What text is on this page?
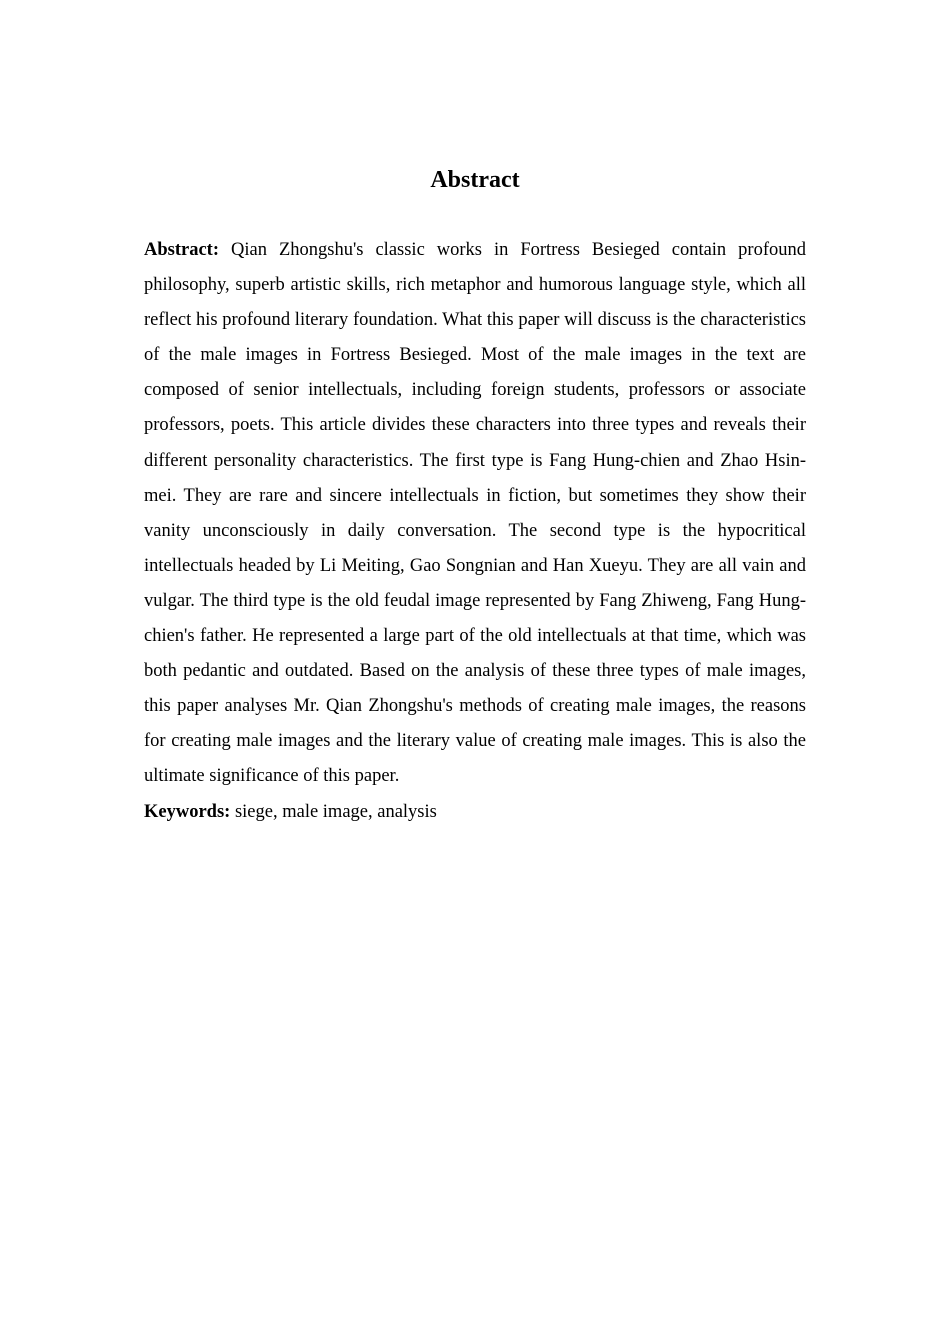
Abstract

Abstract: Qian Zhongshu's classic works in Fortress Besieged contain profound philosophy, superb artistic skills, rich metaphor and humorous language style, which all reflect his profound literary foundation. What this paper will discuss is the characteristics of the male images in Fortress Besieged. Most of the male images in the text are composed of senior intellectuals, including foreign students, professors or associate professors, poets. This article divides these characters into three types and reveals their different personality characteristics. The first type is Fang Hung-chien and Zhao Hsin-mei. They are rare and sincere intellectuals in fiction, but sometimes they show their vanity unconsciously in daily conversation. The second type is the hypocritical intellectuals headed by Li Meiting, Gao Songnian and Han Xueyu. They are all vain and vulgar. The third type is the old feudal image represented by Fang Zhiweng, Fang Hung-chien's father. He represented a large part of the old intellectuals at that time, which was both pedantic and outdated. Based on the analysis of these three types of male images, this paper analyses Mr. Qian Zhongshu's methods of creating male images, the reasons for creating male images and the literary value of creating male images. This is also the ultimate significance of this paper.

Keywords: siege, male image, analysis
